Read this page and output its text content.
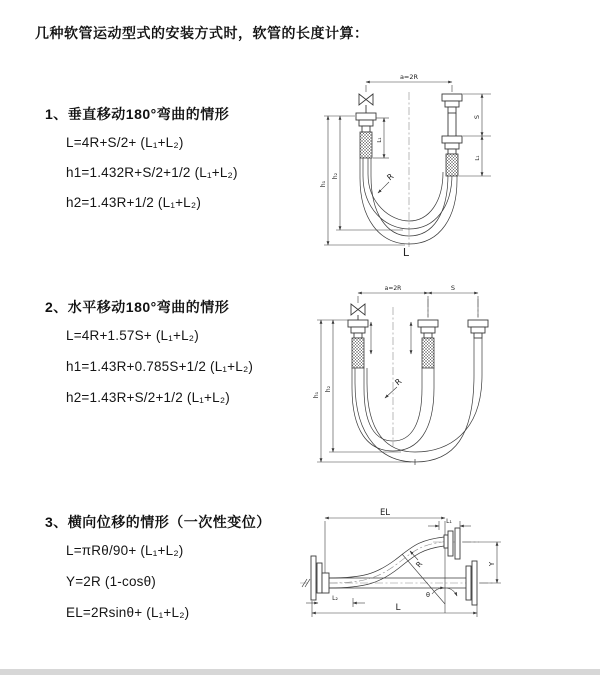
几种软管运动型式的安装方式时，软管的长度计算：
1、垂直移动180°弯曲的情形
L=4R+S/2+ (L₁+L₂)
h1=1.432R+S/2+1/2 (L₁+L₂)
h2=1.43R+1/2 (L₁+L₂)
2、水平移动180°弯曲的情形
L=4R+1.57S+ (L₁+L₂)
h1=1.43R+0.785S+1/2 (L₁+L₂)
h2=1.43R+S/2+1/2 (L₁+L₂)
3、横向位移的情形（一次性变位）
L=πRθ/90+ (L₁+L₂)
Y=2R (1-cosθ)
EL=2Rsinθ+ (L₁+L₂)
a=2R
h₁
h₂
L₁
S
L₁
R
L
a=2R	S
h₁
h₂
R
EL
L₁
Y
R
θ
L
L₂
